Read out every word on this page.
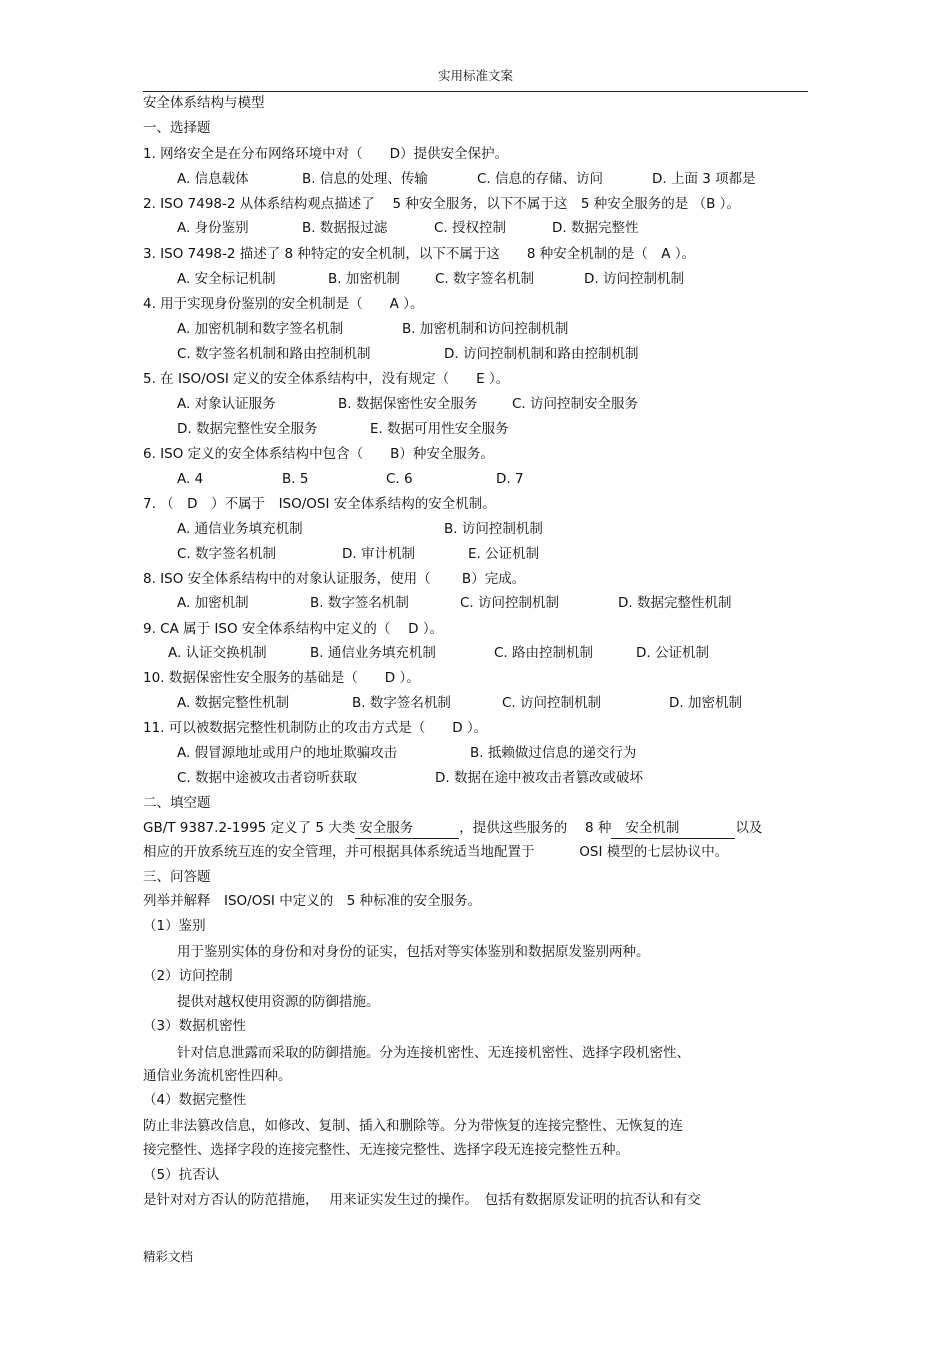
实用标准文案
安全体系结构与模型
一、选择题
1. 网络安全是在分布网络环境中对（　　D）提供安全保护。
A. 信息载体	B. 信息的处理、传输	C. 信息的存储、访问	D. 上面 3 项都是
2. ISO 7498-2 从体系结构观点描述了　 5 种安全服务，以下不属于这　5 种安全服务的是 （B ）。
A. 身份鉴别	B. 数据报过滤	C. 授权控制	D. 数据完整性
3. ISO 7498-2 描述了 8 种特定的安全机制，以下不属于这　　8 种安全机制的是（　A ）。
A. 安全标记机制	B. 加密机制	C. 数字签名机制	D. 访问控制机制
4. 用于实现身份鉴别的安全机制是（　　A ）。
A. 加密机制和数字签名机制	B. 加密机制和访问控制机制
C. 数字签名机制和路由控制机制	D. 访问控制机制和路由控制机制
5. 在 ISO/OSI 定义的安全体系结构中，没有规定（　　E ）。
A. 对象认证服务	B. 数据保密性安全服务	C. 访问控制安全服务
D. 数据完整性安全服务	E. 数据可用性安全服务
6. ISO 定义的安全体系结构中包含（　　B）种安全服务。
A. 4	B. 5	C. 6	D. 7
7. （　D　）不属于　ISO/OSI 安全体系结构的安全机制。
A. 通信业务填充机制	B. 访问控制机制
C. 数字签名机制	D. 审计机制	E. 公证机制
8. ISO 安全体系结构中的对象认证服务，使用（　　 B）完成。
A. 加密机制	B. 数字签名机制	C. 访问控制机制	D. 数据完整性机制
9. CA 属于 ISO 安全体系结构中定义的（　 D ）。
A. 认证交换机制	B. 通信业务填充机制	C. 路由控制机制	D. 公证机制
10. 数据保密性安全服务的基础是（　　D ）。
A. 数据完整性机制	B. 数字签名机制	C. 访问控制机制	D. 加密机制
11. 可以被数据完整性机制防止的攻击方式是（　　D ）。
A. 假冒源地址或用户的地址欺骗攻击	B. 抵赖做过信息的递交行为
C. 数据中途被攻击者窃听获取	D. 数据在途中被攻击者篡改或破坏
二、填空题
GB/T 9387.2-1995 定义了 5 大类 安全服务	，提供这些服务的　 8 种 安全机制	以及
相应的开放系统互连的安全管理，并可根据具体系统适当地配置于　　　 OSI 模型的七层协议中。
三、问答题
列举并解释　ISO/OSI 中定义的　5 种标准的安全服务。
（1）鉴别
用于鉴别实体的身份和对身份的证实，包括对等实体鉴别和数据原发鉴别两种。
（2）访问控制
提供对越权使用资源的防御措施。
（3）数据机密性
针对信息泄露而采取的防御措施。分为连接机密性、无连接机密性、选择字段机密性、
通信业务流机密性四种。
（4）数据完整性
防止非法篡改信息，如修改、复制、插入和删除等。分为带恢复的连接完整性、无恢复的连
接完整性、选择字段的连接完整性、无连接完整性、选择字段无连接完整性五种。
（5）抗否认
是针对对方否认的防范措施，　 用来证实发生过的操作。　包括有数据原发证明的抗否认和有交
精彩文档
